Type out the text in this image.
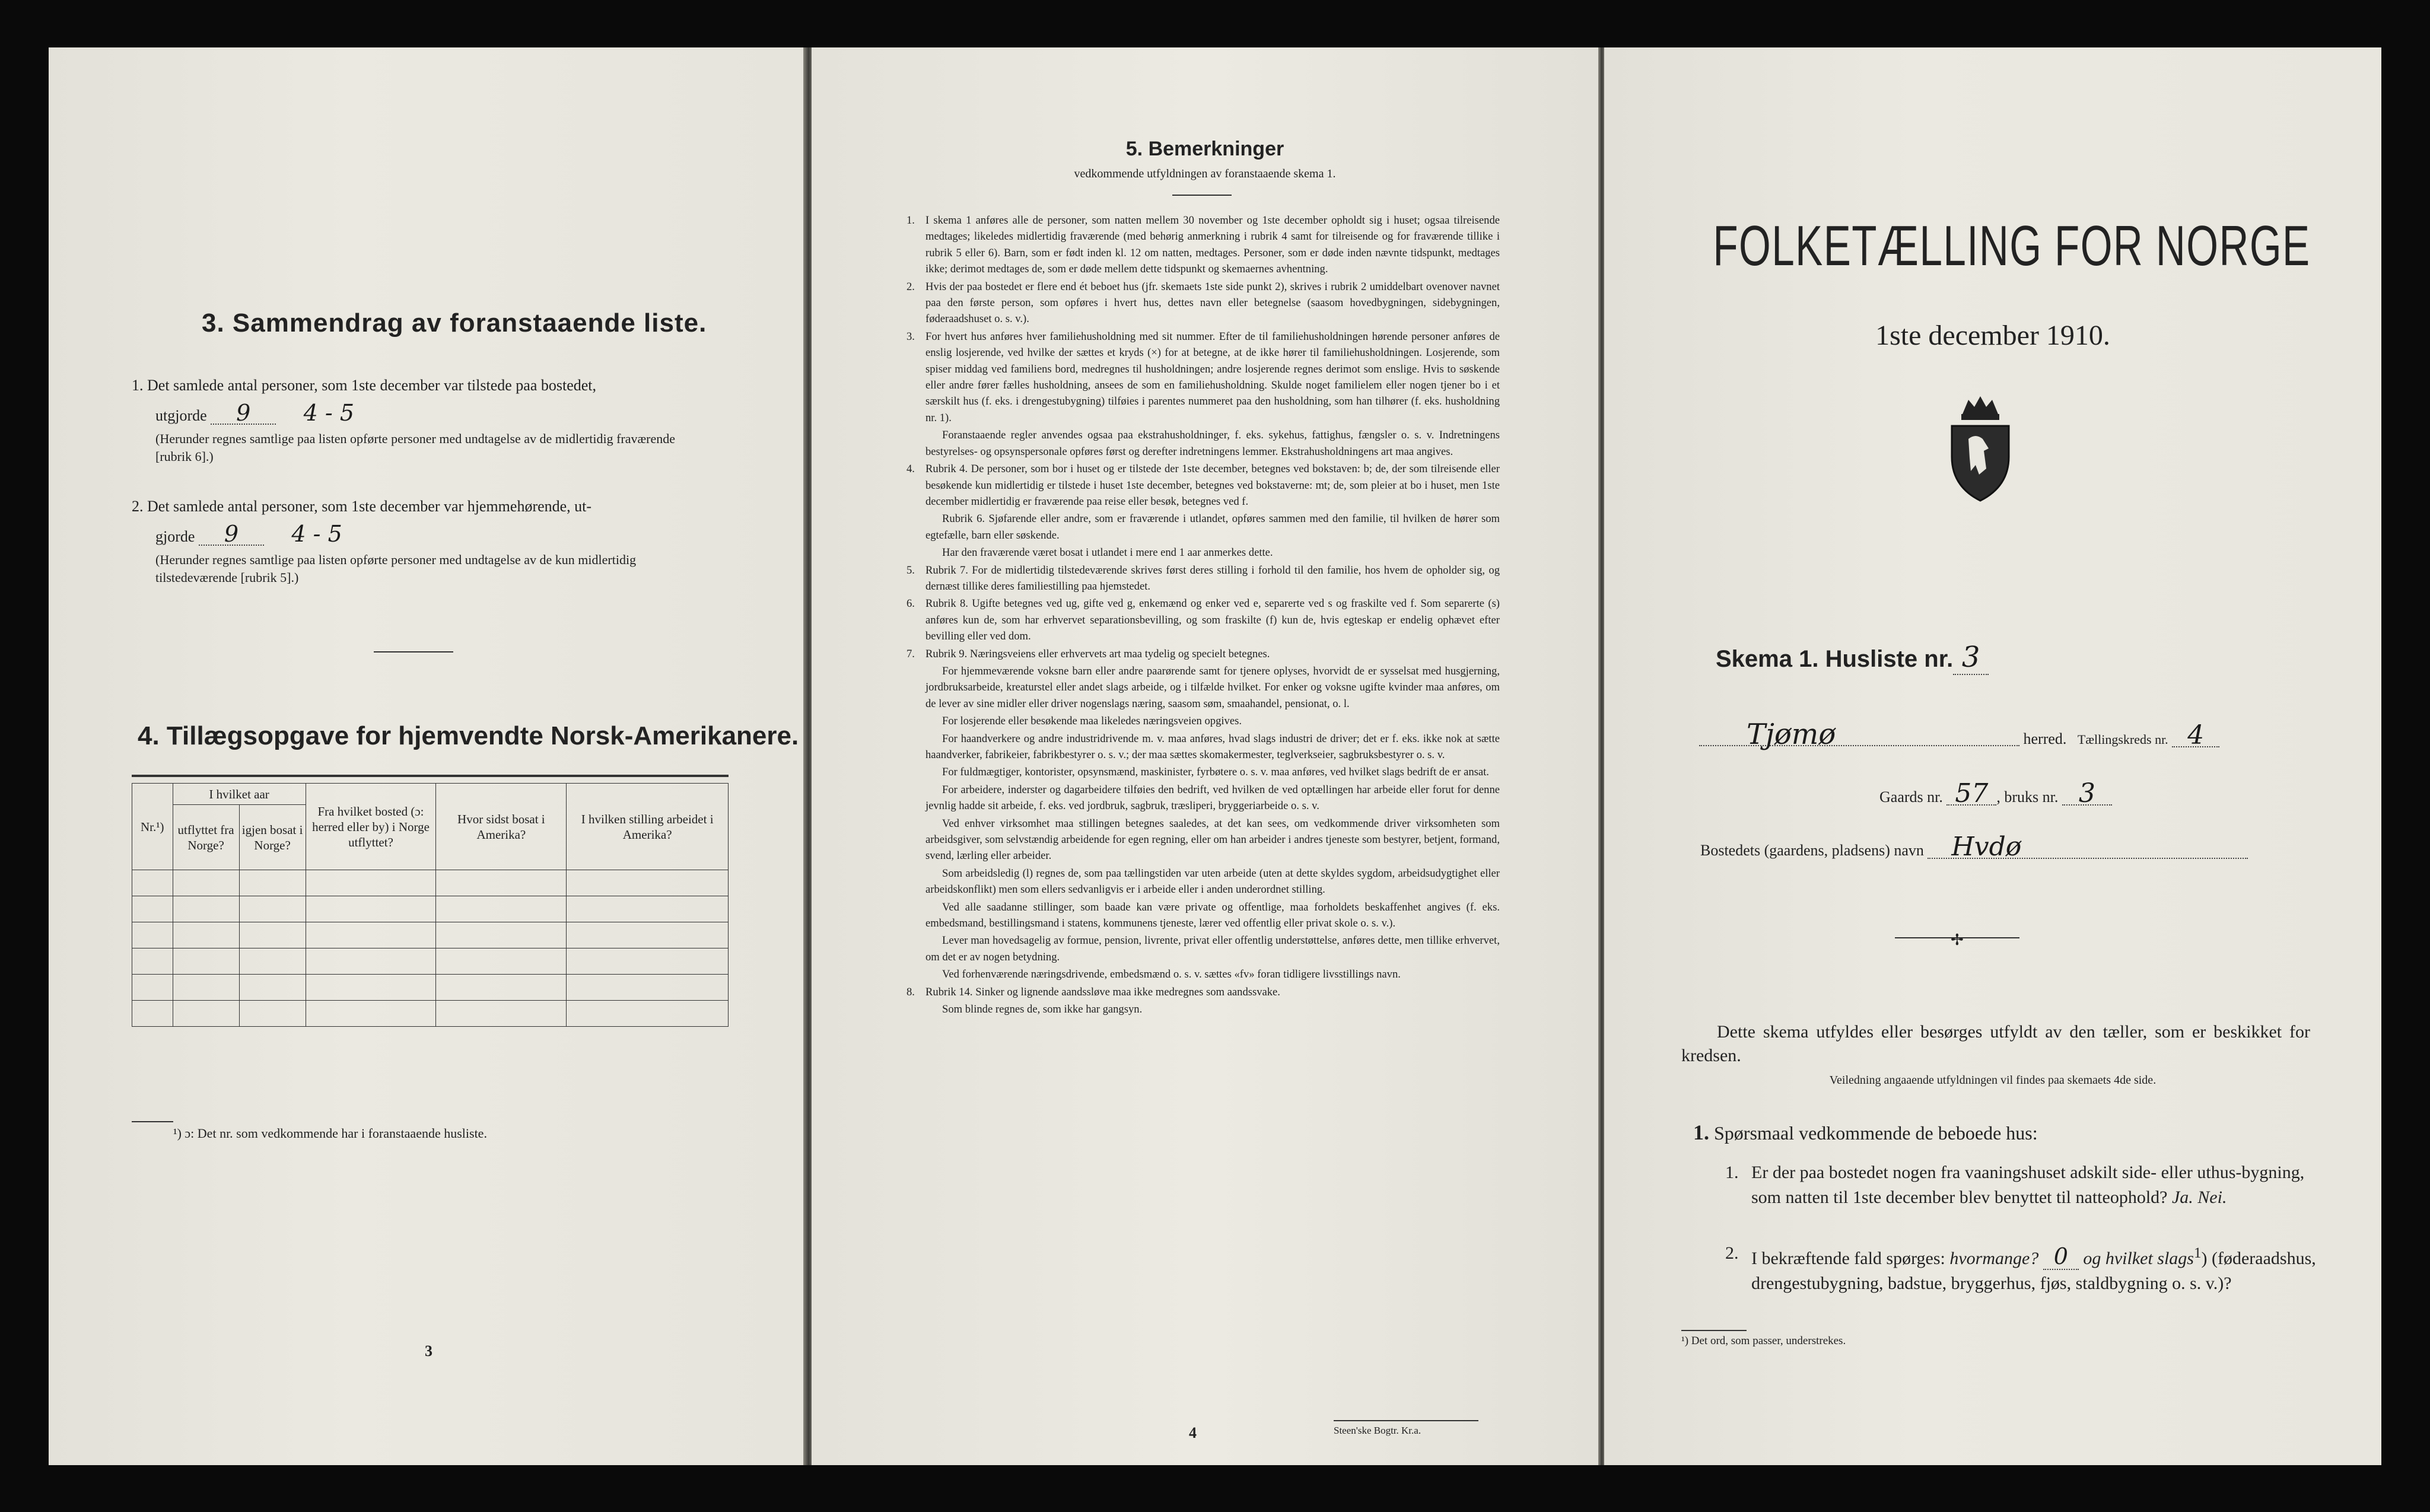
3. Sammendrag av foranstaaende liste.
1. Det samlede antal personer, som 1ste december var tilstede paa bostedet,
utgjorde 9 4 - 5
(Herunder regnes samtlige paa listen opførte personer med undtagelse av de midlertidig fraværende [rubrik 6].)
2. Det samlede antal personer, som 1ste december var hjemmehørende, ut-
gjorde 9 4 - 5
(Herunder regnes samtlige paa listen opførte personer med undtagelse av de kun midlertidig tilstedeværende [rubrik 5].)
4. Tillægsopgave for hjemvendte Norsk-Amerikanere.
Nr.¹)	I hvilket aar		Fra hvilket bosted (ɔ: herred eller by) i Norge utflyttet?	Hvor sidst bosat i Amerika?	I hvilken stilling arbeidet i Amerika?
	utflyttet fra Norge?	igjen bosat i Norge?			

¹) ɔ: Det nr. som vedkommende har i foranstaaende husliste.
3
5. Bemerkninger
vedkommende utfyldningen av foranstaaende skema 1.
1. I skema 1 anføres alle de personer, som natten mellem 30 november og 1ste december opholdt sig i huset; ogsaa tilreisende medtages; likeledes midlertidig fraværende (med behørig anmerkning i rubrik 4 samt for tilreisende og for fraværende tillike i rubrik 5 eller 6). Barn, som er født inden kl. 12 om natten, medtages. Personer, som er døde inden nævnte tidspunkt, medtages ikke; derimot medtages de, som er døde mellem dette tidspunkt og skemaernes avhentning.
2. Hvis der paa bostedet er flere end ét beboet hus (jfr. skemaets 1ste side punkt 2), skrives i rubrik 2 umiddelbart ovenover navnet paa den første person, som opføres i hvert hus, dettes navn eller betegnelse (saasom hovedbygningen, sidebygningen, føderaadshuset o. s. v.).
3. For hvert hus anføres hver familiehusholdning med sit nummer. Efter de til familiehusholdningen hørende personer anføres de enslig losjerende, ved hvilke der sættes et kryds (×) for at betegne, at de ikke hører til familiehusholdningen. Losjerende, som spiser middag ved familiens bord, medregnes til husholdningen; andre losjerende regnes derimot som enslige. Hvis to søskende eller andre fører fælles husholdning, ansees de som en familiehusholdning. Skulde noget familielem eller nogen tjener bo i et særskilt hus (f. eks. i drengestubygning) tilføies i parentes nummeret paa den husholdning, som han tilhører (f. eks. husholdning nr. 1).
Foranstaaende regler anvendes ogsaa paa ekstrahusholdninger, f. eks. sykehus, fattighus, fængsler o. s. v. Indretningens bestyrelses- og opsynspersonale opføres først og derefter indretningens lemmer. Ekstrahusholdningens art maa angives.
4. Rubrik 4. De personer, som bor i huset og er tilstede der 1ste december, betegnes ved bokstaven: b; de, der som tilreisende eller besøkende kun midlertidig er tilstede i huset 1ste december, betegnes ved bokstaverne: mt; de, som pleier at bo i huset, men 1ste december midlertidig er fraværende paa reise eller besøk, betegnes ved f.
Rubrik 6. Sjøfarende eller andre, som er fraværende i utlandet, opføres sammen med den familie, til hvilken de hører som egtefælle, barn eller søskende.
Har den fraværende været bosat i utlandet i mere end 1 aar anmerkes dette.
5. Rubrik 7. For de midlertidig tilstedeværende skrives først deres stilling i forhold til den familie, hos hvem de opholder sig, og dernæst tillike deres familiestilling paa hjemstedet.
6. Rubrik 8. Ugifte betegnes ved ug, gifte ved g, enkemænd og enker ved e, separerte ved s og fraskilte ved f. Som separerte (s) anføres kun de, som har erhvervet separationsbevilling, og som fraskilte (f) kun de, hvis egteskap er endelig ophævet efter bevilling eller ved dom.
7. Rubrik 9. Næringsveiens eller erhvervets art maa tydelig og specielt betegnes.
For hjemmeværende voksne barn eller andre paarørende samt for tjenere oplyses, hvorvidt de er sysselsat med husgjerning, jordbruksarbeide, kreaturstel eller andet slags arbeide, og i tilfælde hvilket. For enker og voksne ugifte kvinder maa anføres, om de lever av sine midler eller driver nogenslags næring, saasom søm, smaahandel, pensionat, o. l.
For losjerende eller besøkende maa likeledes næringsveien opgives.
For haandverkere og andre industridrivende m. v. maa anføres, hvad slags industri de driver; det er f. eks. ikke nok at sætte haandverker, fabrikeier, fabrikbestyrer o. s. v.; der maa sættes skomakermester, teglverkseier, sagbruksbestyrer o. s. v.
For fuldmægtiger, kontorister, opsynsmænd, maskinister, fyrbøtere o. s. v. maa anføres, ved hvilket slags bedrift de er ansat.
For arbeidere, inderster og dagarbeidere tilføies den bedrift, ved hvilken de ved optællingen har arbeide eller forut for denne jevnlig hadde sit arbeide, f. eks. ved jordbruk, sagbruk, træsliperi, bryggeriarbeide o. s. v.
Ved enhver virksomhet maa stillingen betegnes saaledes, at det kan sees, om vedkommende driver virksomheten som arbeidsgiver, som selvstændig arbeidende for egen regning, eller om han arbeider i andres tjeneste som bestyrer, betjent, formand, svend, lærling eller arbeider.
Som arbeidsledig (l) regnes de, som paa tællingstiden var uten arbeide (uten at dette skyldes sygdom, arbeidsudygtighet eller arbeidskonflikt) men som ellers sedvanligvis er i arbeide eller i anden underordnet stilling.
Ved alle saadanne stillinger, som baade kan være private og offentlige, maa forholdets beskaffenhet angives (f. eks. embedsmand, bestillingsmand i statens, kommunens tjeneste, lærer ved offentlig eller privat skole o. s. v.).
Lever man hovedsagelig av formue, pension, livrente, privat eller offentlig understøttelse, anføres dette, men tillike erhvervet, om det er av nogen betydning.
Ved forhenværende næringsdrivende, embedsmænd o. s. v. sættes «fv» foran tidligere livsstillings navn.
8. Rubrik 14. Sinker og lignende aandssløve maa ikke medregnes som aandssvake.
Som blinde regnes de, som ikke har gangsyn.
4	Steen'ske Bogtr. Kr.a.
FOLKETÆLLING FOR NORGE
1ste december 1910.
Skema 1. Husliste nr. 3
Tjømø	herred. Tællingskreds nr. 4
Gaards nr. 57 , bruks nr. 3
Bostedets (gaardens, pladsens) navn Hvdø
✢
Dette skema utfyldes eller besørges utfyldt av den tæller, som er beskikket for kredsen.
Veiledning angaaende utfyldningen vil findes paa skemaets 4de side.
1. Spørsmaal vedkommende de beboede hus:
1. Er der paa bostedet nogen fra vaaningshuset adskilt side- eller uthus-bygning, som natten til 1ste december blev benyttet til natteophold? Ja. Nei.
2. I bekræftende fald spørges: hvormange? 0 og hvilket slags$^1$) (føderaadshus, drengestubygning, badstue, bryggerhus, fjøs, staldbygning o. s. v.)?
¹) Det ord, som passer, understrekes.
